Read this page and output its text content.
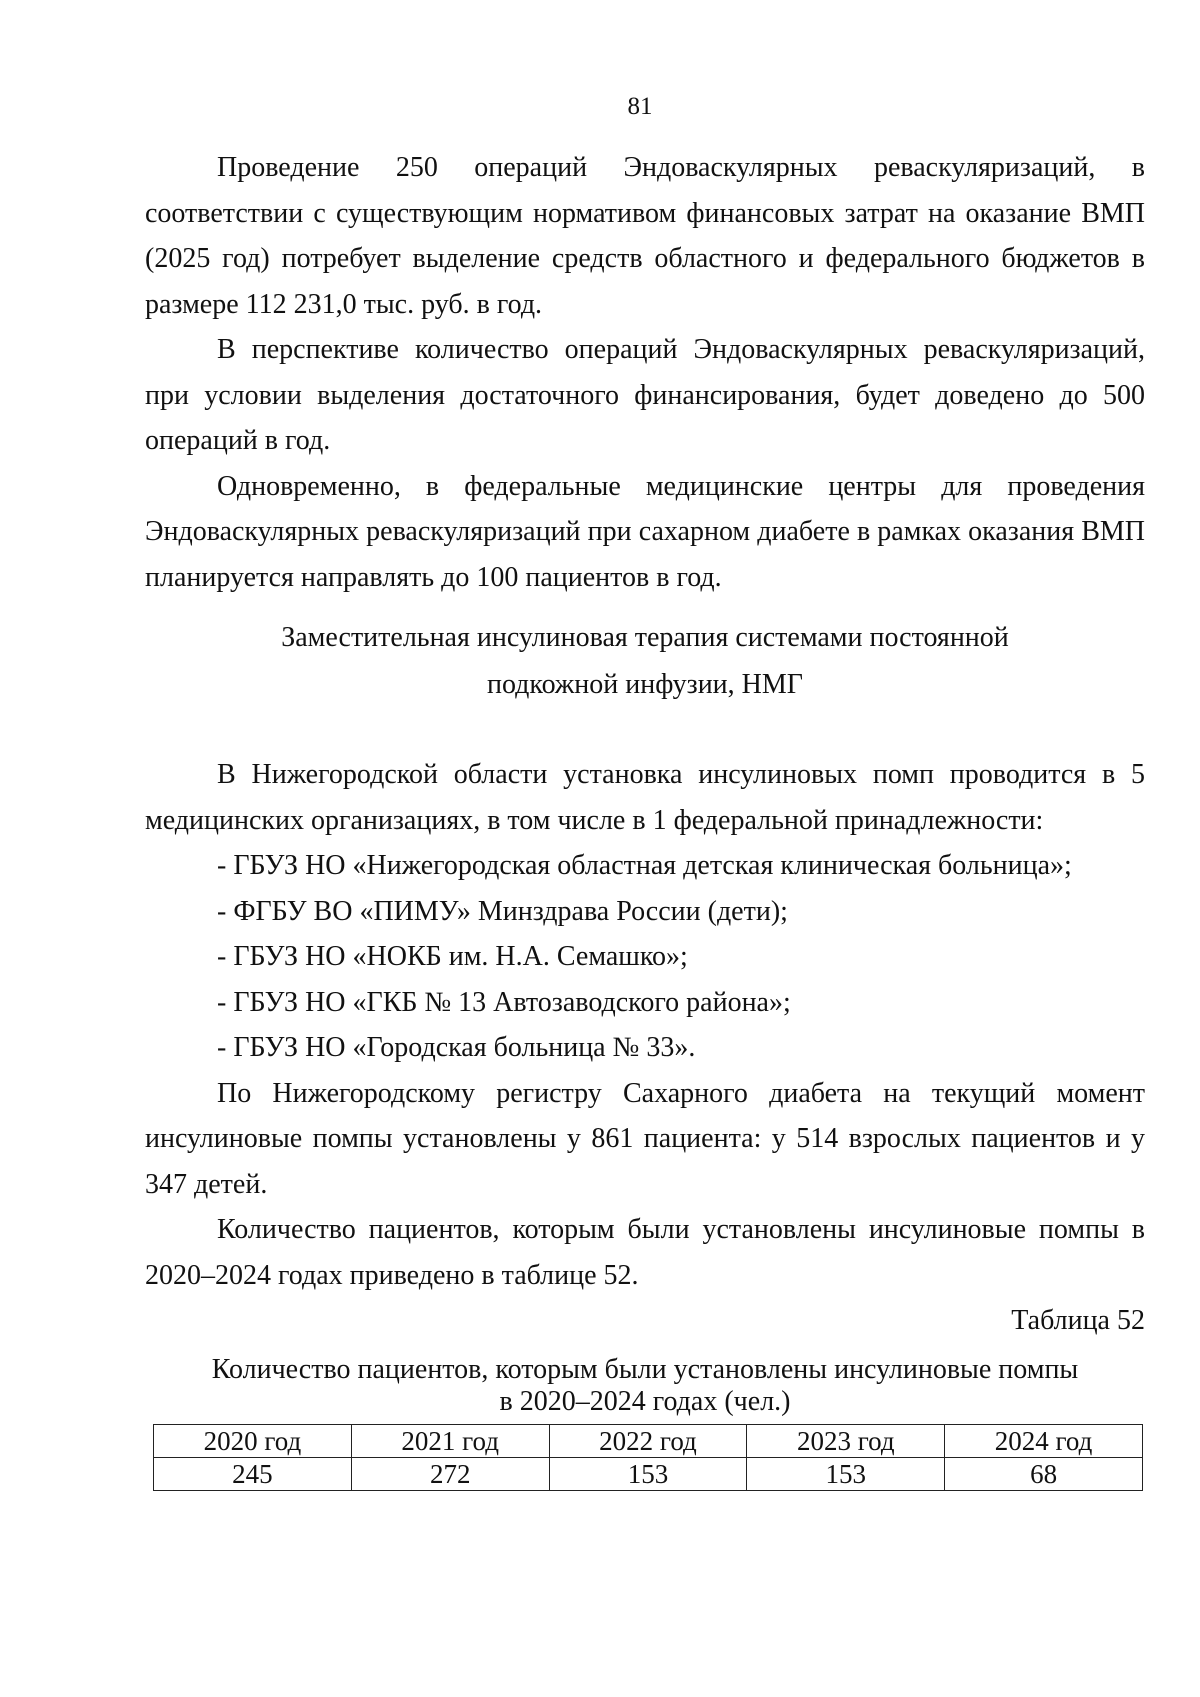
81

Проведение 250 операций Эндоваскулярных реваскуляризаций, в соответствии с существующим нормативом финансовых затрат на оказание ВМП (2025 год) потребует выделение средств областного и федерального бюджетов в размере 112 231,0 тыс. руб. в год.

В перспективе количество операций Эндоваскулярных реваскуляризаций, при условии выделения достаточного финансирования, будет доведено до 500 операций в год.

Одновременно, в федеральные медицинские центры для проведения Эндоваскулярных реваскуляризаций при сахарном диабете в рамках оказания ВМП планируется направлять до 100 пациентов в год.

Заместительная инсулиновая терапия системами постоянной
подкожной инфузии, НМГ

В Нижегородской области установка инсулиновых помп проводится в 5 медицинских организациях, в том числе в 1 федеральной принадлежности:

- ГБУЗ НО «Нижегородская областная детская клиническая больница»;

- ФГБУ ВО «ПИМУ» Минздрава России (дети);

- ГБУЗ НО «НОКБ им. Н.А. Семашко»;

- ГБУЗ НО «ГКБ № 13 Автозаводского района»;

- ГБУЗ НО «Городская больница № 33».

По Нижегородскому регистру Сахарного диабета на текущий момент инсулиновые помпы установлены у 861 пациента: у 514 взрослых пациентов и у 347 детей.

Количество пациентов, которым были установлены инсулиновые помпы в 2020–2024 годах приведено в таблице 52.

Таблица 52

Количество пациентов, которым были установлены инсулиновые помпы
в 2020–2024 годах (чел.)
2020 год	2021 год	2022 год	2023 год	2024 год
245	272	153	153	68
